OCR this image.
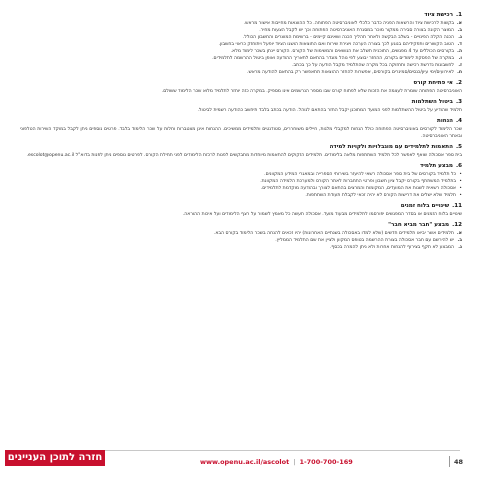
1.רכישת ציוד
א.
בקשות לרכישת ציוד והרשאות הפניה כדבר כלכלי לאוניברסיטה הפתוחה. כל ההוצאות מחייבות אישור מראש.
ב.
המוצר הקונה בצורה סבירה ממקור מוכר במסגרת האוניברסיטה הפתוחה וכך יש לקבל הצעות מחיר.
ג.
הכנה הקלה הפינויים - בשלב הבקשה ולאחר תהליך הכנה ושאינם קיימים - ברשימת המוצרים והחשבון הכולל.
ד.
הטוב הקשורים ותפקידיהם בנוגע לכך בצורה הערכה ויצירת שירות ואם התוצאות הושגו הציוד יופעל ויתוחזק כראוי בחשבון.
ה.
בקורסים הכוללים עד 4 מפגשים, התוכנית תשלב את הנושאים והמשימות של הקורס. הקורס יינתן בשכר לימוד מלא.
ו.
במקרה של הפסקת לימודים בקורס, ההחזר יבוצע לפי נוהל מוגדר בהתאם לתאריך ההודעה ואופן ביטול ההרשמה לתלמידים.
ז.
לחשבונות נדרשת רכישה ותחזוקה בכל מקרה שהתלמיד מקבל הודעה על כך בכתב.
ח.
לאירועים/ימי עיון/כנסים/סמינרים בקורסים, אפשרות להחזר ההוצאות תתאפשר רק בהתאם להודעה מראש.
2.אי פתיחת קורס

האוניברסיטה הפתוחה שומרת לעצמה את הזכות שלא לפתוח קורס שבו מספר הנרשמים אינו מספיק. במקרה כזה יוחזר לתלמיד מלוא שכר הלימוד ששולם.

3.ביטול השתלמות

תלמיד שהודיע על ביטול ההשתלמות לפני המועד המתוכנן יקבל החזר בהתאם לנוהל. הודעה בכתב בלבד תיחשב כהודעה רשמית לביטול.

4.הנחות

שכר הלימוד לקורסים באוניברסיטה הפתוחה כולל הנחות למקבלי מלגות, חיילים משוחררים, סטודנטים ותלמידים ממשיכים. ההנחות אינן מצטברות וחלות על שכר הלימוד בלבד. פרטים נוספים ניתן לקבל במוקד השירות הטלפוני ובאתר האוניברסיטה.

5.התאמות לתלמידים עם מוגבלויות ולקויות למידה

בית ספר אסכולה שואף לאפשר לכל תלמיד השתתפות מלאה בלימודים. תלמידים הזקוקים להתאמות מיוחדות מתבקשים לפנות לרכזת הלימודים לפני תחילת הקורס. לפרטים נוספים ניתן לפנות בדוא"ל escolot@openu.ac.il.

6.מבצע תלמיד
•
כל תלמיד בקורסים של בית ספר אסכולה רשאי להיעזר בשירותי הספרייה ובמאגרי המידע המקוונים.
•
בתלמיד המשתתף בקורס יקבל ציון חשבון ופרטי התחברות לאתר הקורס ולמערכת הלמידה המקוונת.
•
אסכולה רשאית לשנות את המועדים, המקומות והמרצים בהתאם לצורך ובהודעה מוקדמת לתלמידים.
•
תלמיד שלא ישלים את דרישות הקורס לא יהיה זכאי לקבלת תעודת השתתפות.
11.שינויים בלוח זמנים

שינויים בלוח הזמנים או בסדר המפגשים יפורסמו לתלמידים מבעוד מועד. אסכולה תעשה כל מאמץ לשמור על רצף הלימודים ועל איכות ההוראה.

12.מבצע "חבר מביא חבר"
א.
תלמידים אשר יביאו תלמידים חדשים (שלא למדו באסכולה בשנתיים האחרונות) יהיו זכאים להנחה בשכר הלימוד בקורס הבא.
ב.
יש להירשם עם חבר אסכולה בצורת ההרשמה בטופס המקוון ולציין את שם התלמיד הממליץ.
ג.
המבצע לא תקף בצירוף להנחות אחרות ולא ניתן להמרה בכסף.
www.openu.ac.il/ascolot | 1-700-700-169	48
חזרה לתוכן העניינים
